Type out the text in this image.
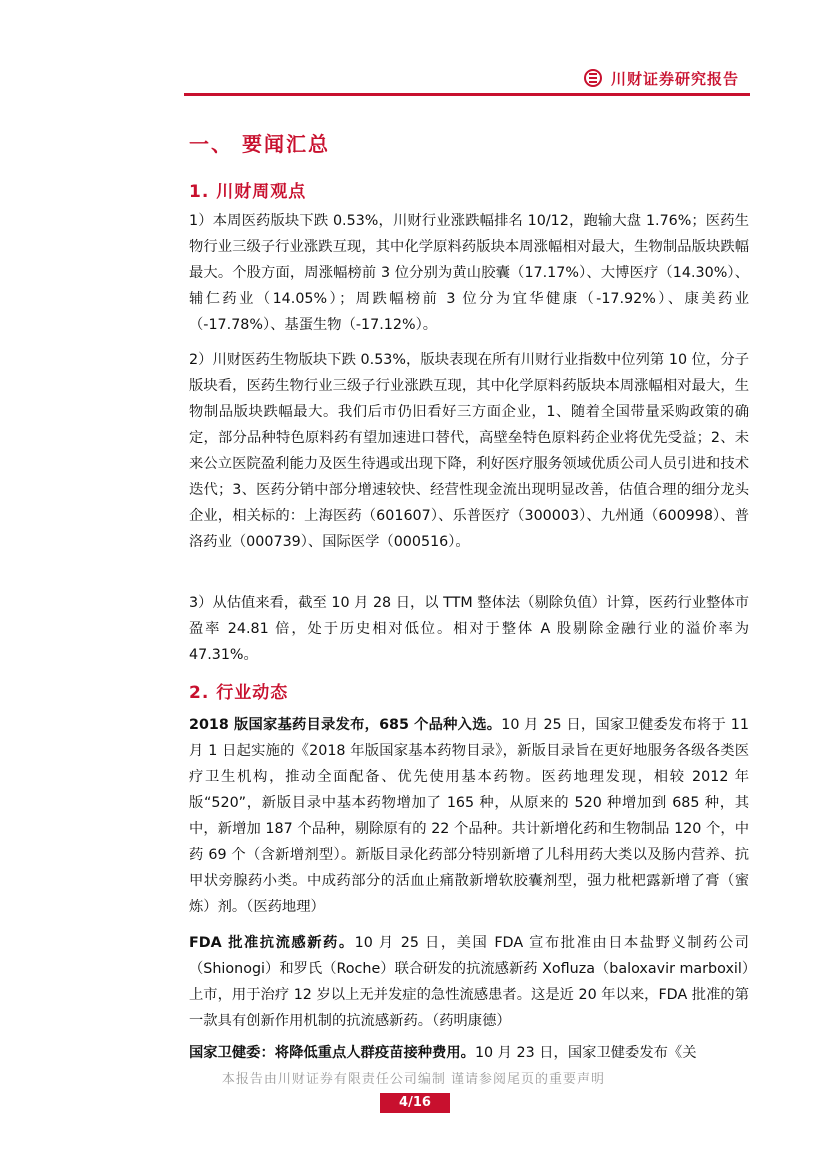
川财证券研究报告
一、 要闻汇总
1. 川财周观点

1）本周医药版块下跌 0.53%，川财行业涨跌幅排名 10/12，跑输大盘 1.76%；医药生物行业三级子行业涨跌互现，其中化学原料药版块本周涨幅相对最大，生物制品版块跌幅最大。个股方面，周涨幅榜前 3 位分别为黄山胶囊（17.17%）、大博医疗（14.30%）、辅仁药业（14.05%）；周跌幅榜前 3 位分为宜华健康（-17.92%）、康美药业（-17.78%）、基蛋生物（-17.12%）。

2）川财医药生物版块下跌 0.53%，版块表现在所有川财行业指数中位列第 10 位，分子版块看，医药生物行业三级子行业涨跌互现，其中化学原料药版块本周涨幅相对最大，生物制品版块跌幅最大。我们后市仍旧看好三方面企业，1、随着全国带量采购政策的确定，部分品种特色原料药有望加速进口替代，高壁垒特色原料药企业将优先受益；2、未来公立医院盈利能力及医生待遇或出现下降，利好医疗服务领域优质公司人员引进和技术迭代；3、医药分销中部分增速较快、经营性现金流出现明显改善，估值合理的细分龙头企业，相关标的：上海医药（601607）、乐普医疗（300003）、九州通（600998）、普洛药业（000739）、国际医学（000516）。

3）从估值来看，截至 10 月 28 日，以 TTM 整体法（剔除负值）计算，医药行业整体市盈率 24.81 倍，处于历史相对低位。相对于整体 A 股剔除金融行业的溢价率为 47.31%。

2. 行业动态

2018 版国家基药目录发布，685 个品种入选。10 月 25 日，国家卫健委发布将于 11 月 1 日起实施的《2018 年版国家基本药物目录》，新版目录旨在更好地服务各级各类医疗卫生机构，推动全面配备、优先使用基本药物。医药地理发现，相较 2012 年版“520”，新版目录中基本药物增加了 165 种，从原来的 520 种增加到 685 种，其中，新增加 187 个品种，剔除原有的 22 个品种。共计新增化药和生物制品 120 个，中药 69 个（含新增剂型）。新版目录化药部分特别新增了儿科用药大类以及肠内营养、抗甲状旁腺药小类。中成药部分的活血止痛散新增软胶囊剂型，强力枇杷露新增了膏（蜜炼）剂。（医药地理）

FDA 批准抗流感新药。10 月 25 日，美国 FDA 宣布批准由日本盐野义制药公司（Shionogi）和罗氏（Roche）联合研发的抗流感新药 Xofluza（baloxavir marboxil）上市，用于治疗 12 岁以上无并发症的急性流感患者。这是近 20 年以来，FDA 批准的第一款具有创新作用机制的抗流感新药。（药明康德）

国家卫健委：将降低重点人群疫苗接种费用。10 月 23 日，国家卫健委发布《关

本报告由川财证券有限责任公司编制 谨请参阅尾页的重要声明
4/16
